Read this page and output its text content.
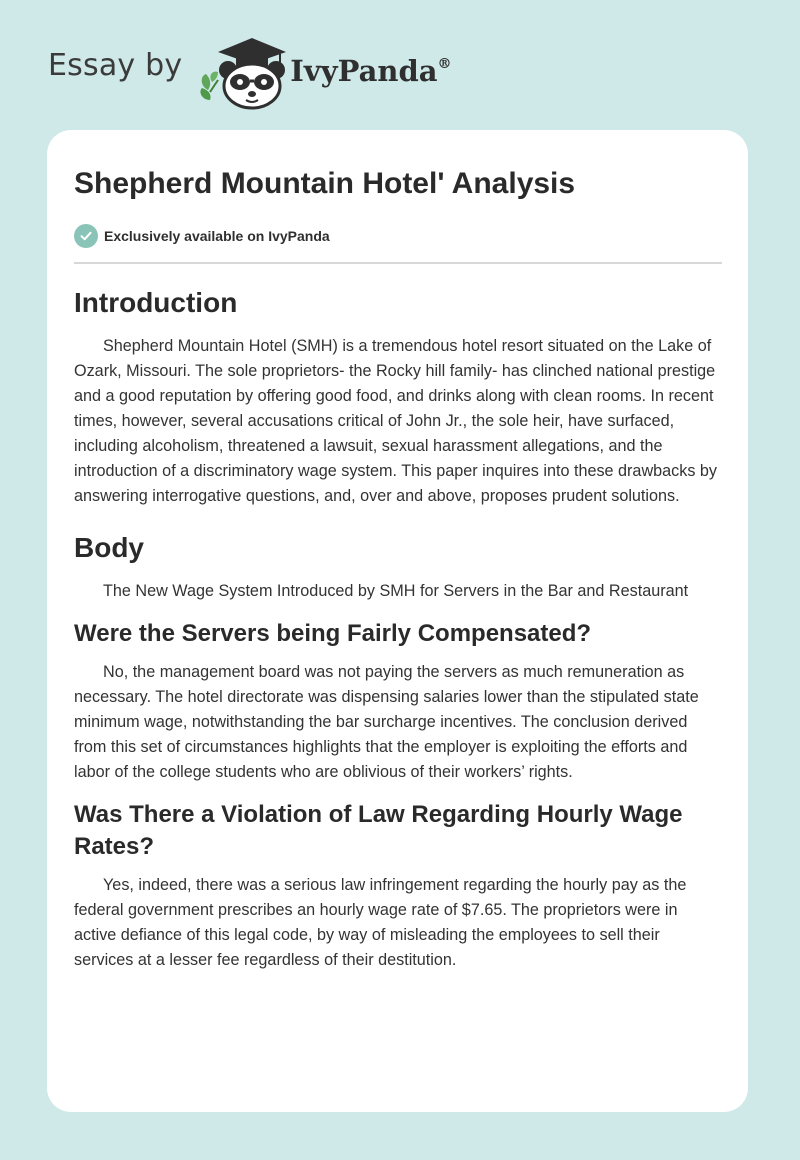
Essay by	IvyPanda®
Shepherd Mountain Hotel' Analysis
Exclusively available on IvyPanda
Introduction

Shepherd Mountain Hotel (SMH) is a tremendous hotel resort situated on the Lake of Ozark, Missouri. The sole proprietors- the Rocky hill family- has clinched national prestige and a good reputation by offering good food, and drinks along with clean rooms. In recent times, however, several accusations critical of John Jr., the sole heir, have surfaced, including alcoholism, threatened a lawsuit, sexual harassment allegations, and the introduction of a discriminatory wage system. This paper inquires into these drawbacks by answering interrogative questions, and, over and above, proposes prudent solutions.

Body

The New Wage System Introduced by SMH for Servers in the Bar and Restaurant

Were the Servers being Fairly Compensated?

No, the management board was not paying the servers as much remuneration as necessary. The hotel directorate was dispensing salaries lower than the stipulated state minimum wage, notwithstanding the bar surcharge incentives. The conclusion derived from this set of circumstances highlights that the employer is exploiting the efforts and labor of the college students who are oblivious of their workers’ rights.

Was There a Violation of Law Regarding Hourly Wage Rates?

Yes, indeed, there was a serious law infringement regarding the hourly pay as the federal government prescribes an hourly wage rate of $7.65. The proprietors were in active defiance of this legal code, by way of misleading the employees to sell their services at a lesser fee regardless of their destitution.
